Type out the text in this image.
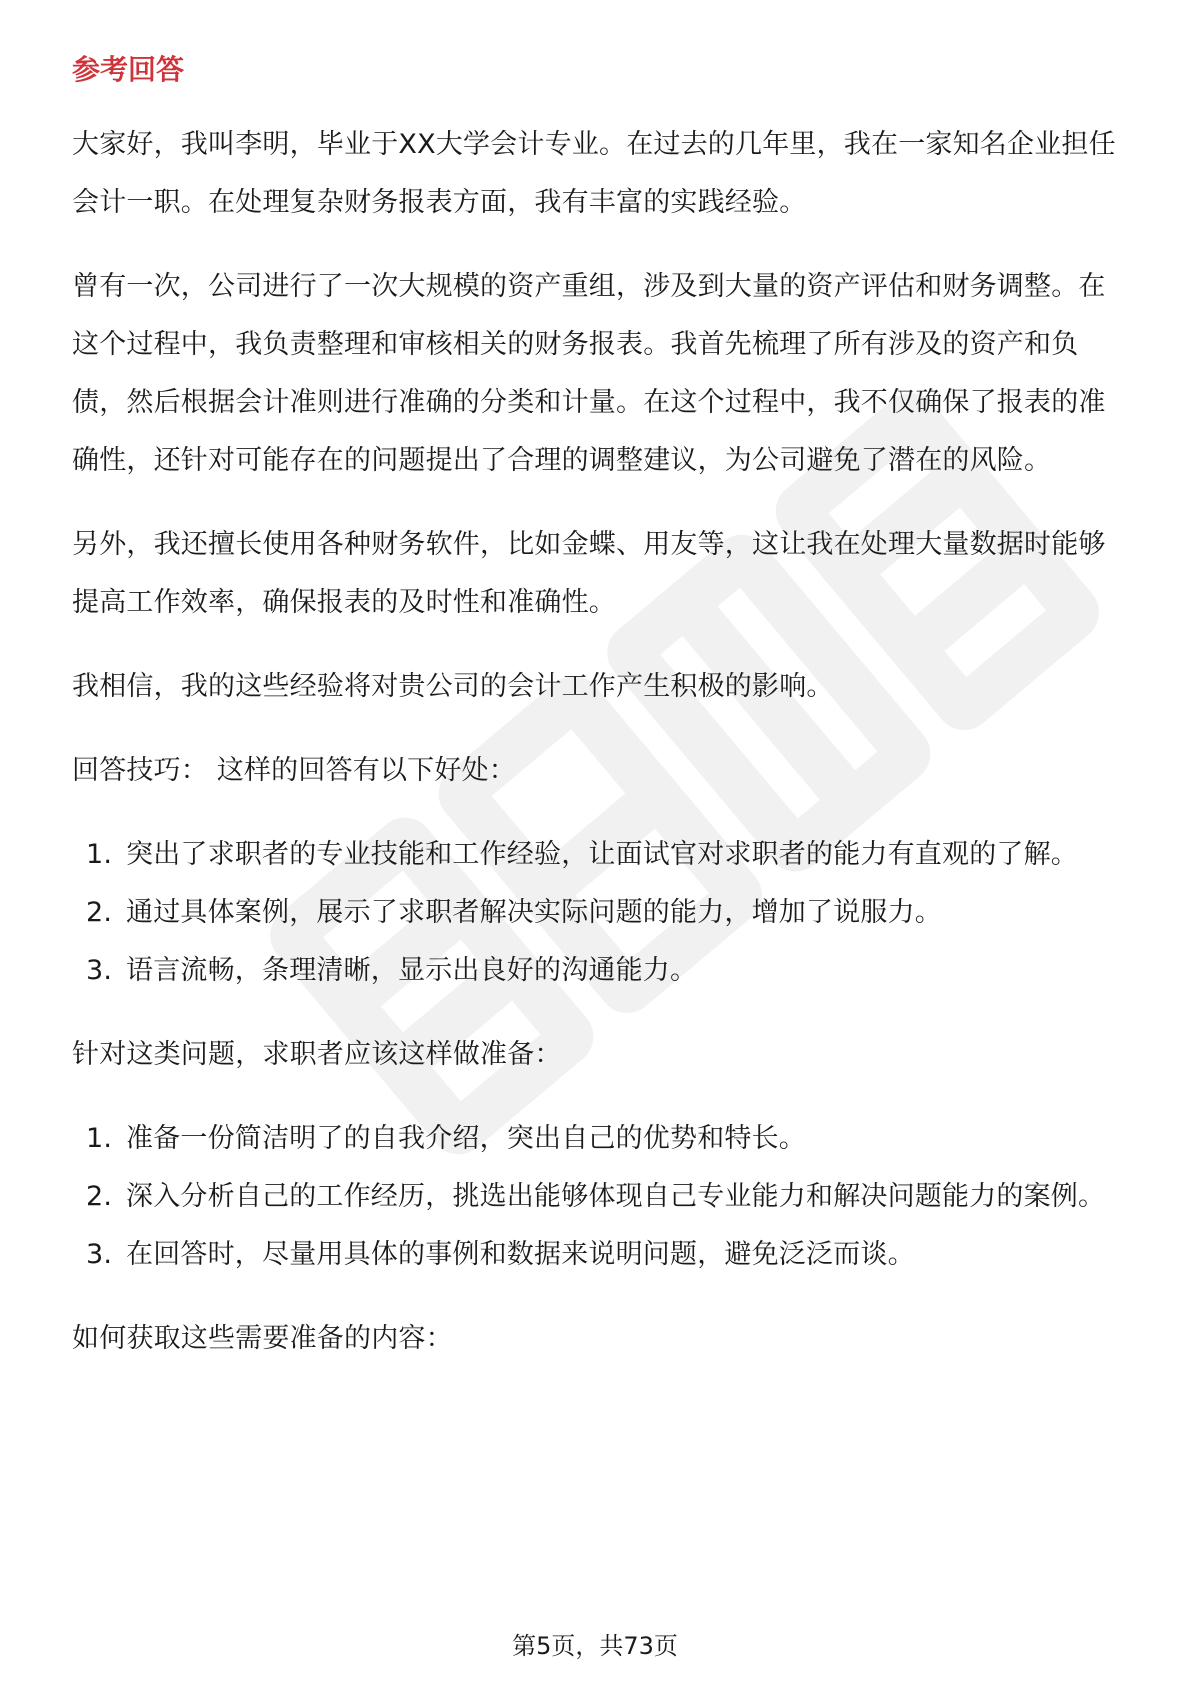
参考回答

大家好，我叫李明，毕业于XX大学会计专业。在过去的几年里，我在一家知名企业担任会计一职。在处理复杂财务报表方面，我有丰富的实践经验。

曾有一次，公司进行了一次大规模的资产重组，涉及到大量的资产评估和财务调整。在这个过程中，我负责整理和审核相关的财务报表。我首先梳理了所有涉及的资产和负债，然后根据会计准则进行准确的分类和计量。在这个过程中，我不仅确保了报表的准确性，还针对可能存在的问题提出了合理的调整建议，为公司避免了潜在的风险。

另外，我还擅长使用各种财务软件，比如金蝶、用友等，这让我在处理大量数据时能够提高工作效率，确保报表的及时性和准确性。

我相信，我的这些经验将对贵公司的会计工作产生积极的影响。

回答技巧： 这样的回答有以下好处：

1. 突出了求职者的专业技能和工作经验，让面试官对求职者的能力有直观的了解。
2. 通过具体案例，展示了求职者解决实际问题的能力，增加了说服力。
3. 语言流畅，条理清晰，显示出良好的沟通能力。

针对这类问题，求职者应该这样做准备：

1. 准备一份简洁明了的自我介绍，突出自己的优势和特长。
2. 深入分析自己的工作经历，挑选出能够体现自己专业能力和解决问题能力的案例。
3. 在回答时，尽量用具体的事例和数据来说明问题，避免泛泛而谈。

如何获取这些需要准备的内容：

第5页，共73页
